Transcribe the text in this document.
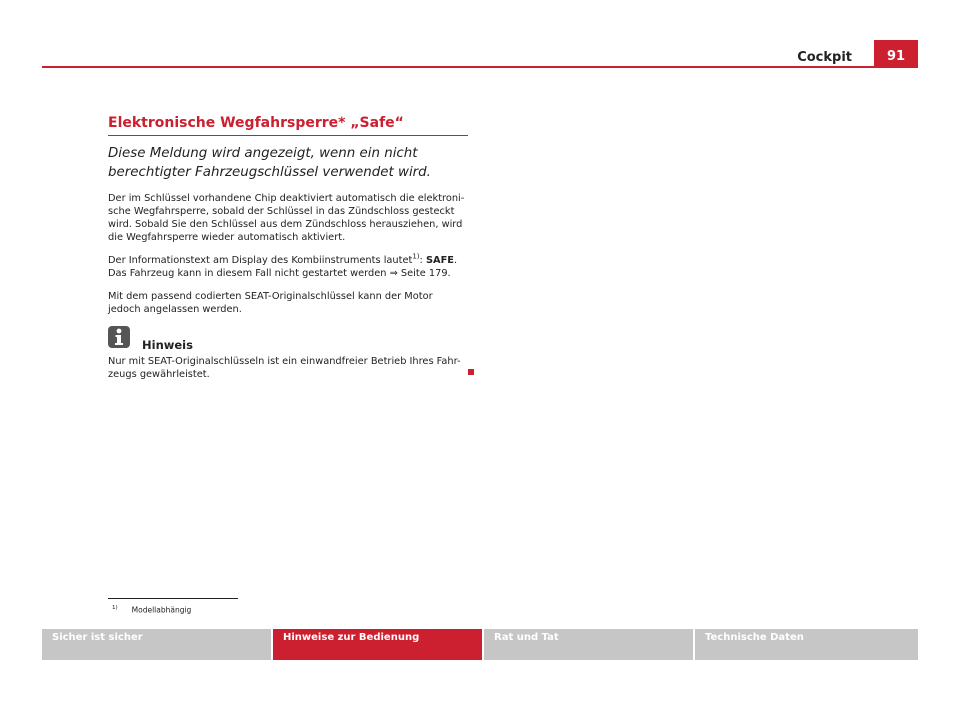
Cockpit	91
Elektronische Wegfahrsperre* „Safe“
Diese Meldung wird angezeigt, wenn ein nicht berechtigter Fahrzeugschlüssel verwendet wird.
Der im Schlüssel vorhandene Chip deaktiviert automatisch die elektroni-sche Wegfahrsperre, sobald der Schlüssel in das Zündschloss gesteckt wird. Sobald Sie den Schlüssel aus dem Zündschloss herausziehen, wird die Wegfahrsperre wieder automatisch aktiviert.
Der Informationstext am Display des Kombiinstruments lautet$^{1)}$: SAFE. Das Fahrzeug kann in diesem Fall nicht gestartet werden ⇒ Seite 179.
Mit dem passend codierten SEAT-Originalschlüssel kann der Motor jedoch angelassen werden.
Hinweis
Nur mit SEAT-Originalschlüsseln ist ein einwandfreier Betrieb Ihres Fahr-zeugs gewährleistet.
$^{1)}$ Modellabhängig
Sicher ist sicher	Hinweise zur Bedienung	Rat und Tat	Technische Daten
